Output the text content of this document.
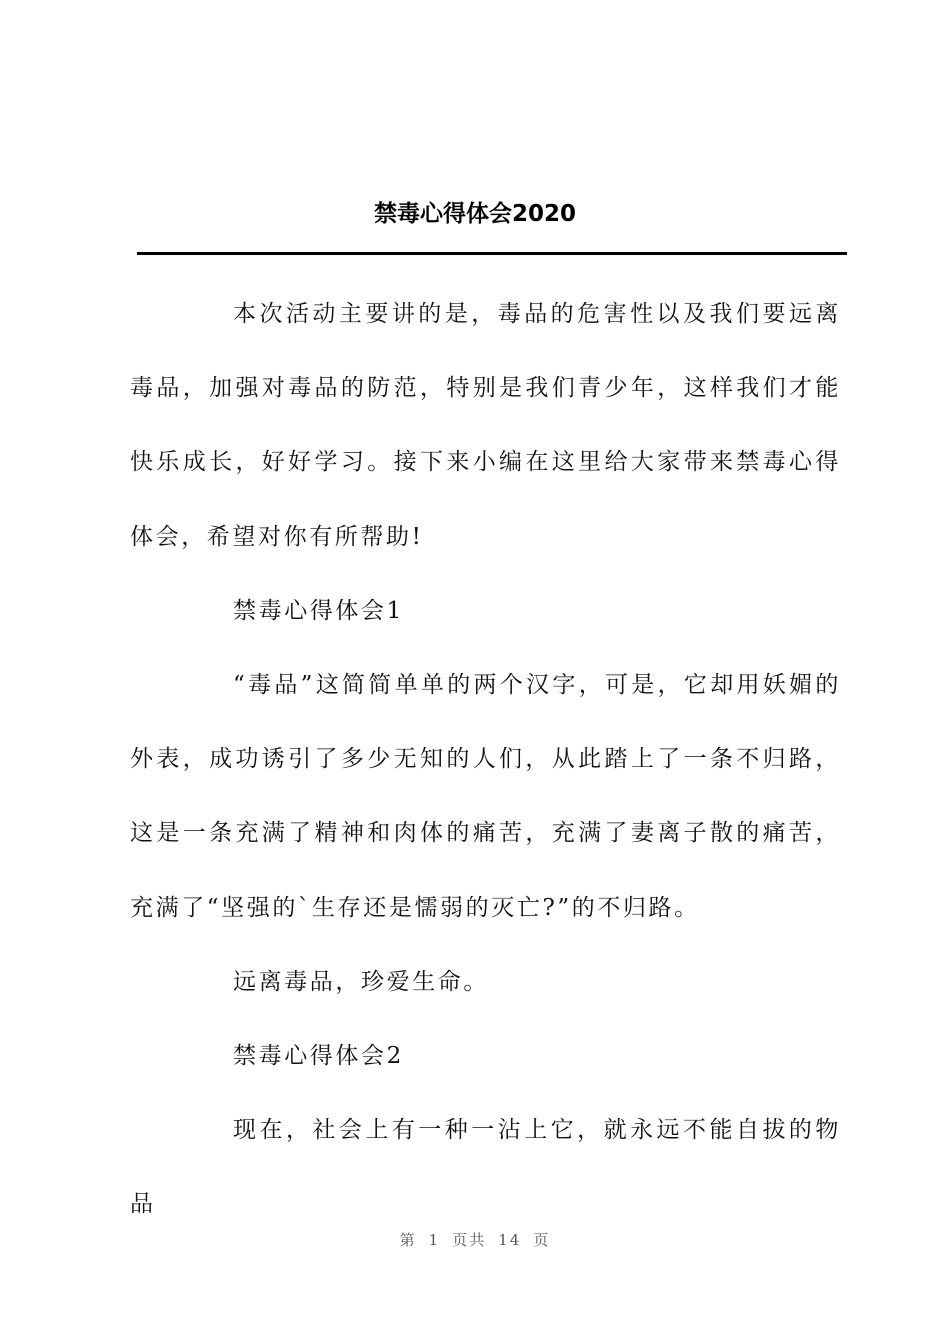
禁毒心得体会2020

本次活动主要讲的是，毒品的危害性以及我们要远离毒品，加强对毒品的防范，特别是我们青少年，这样我们才能快乐成长，好好学习。接下来小编在这里给大家带来禁毒心得体会，希望对你有所帮助!

禁毒心得体会1

“毒品”这简简单单的两个汉字，可是，它却用妖媚的外表，成功诱引了多少无知的人们，从此踏上了一条不归路，这是一条充满了精神和肉体的痛苦，充满了妻离子散的痛苦，充满了“坚强的`生存还是懦弱的灭亡?”的不归路。

远离毒品，珍爱生命。

禁毒心得体会2

现在，社会上有一种一沾上它，就永远不能自拔的物品

第 1 页共 14 页
